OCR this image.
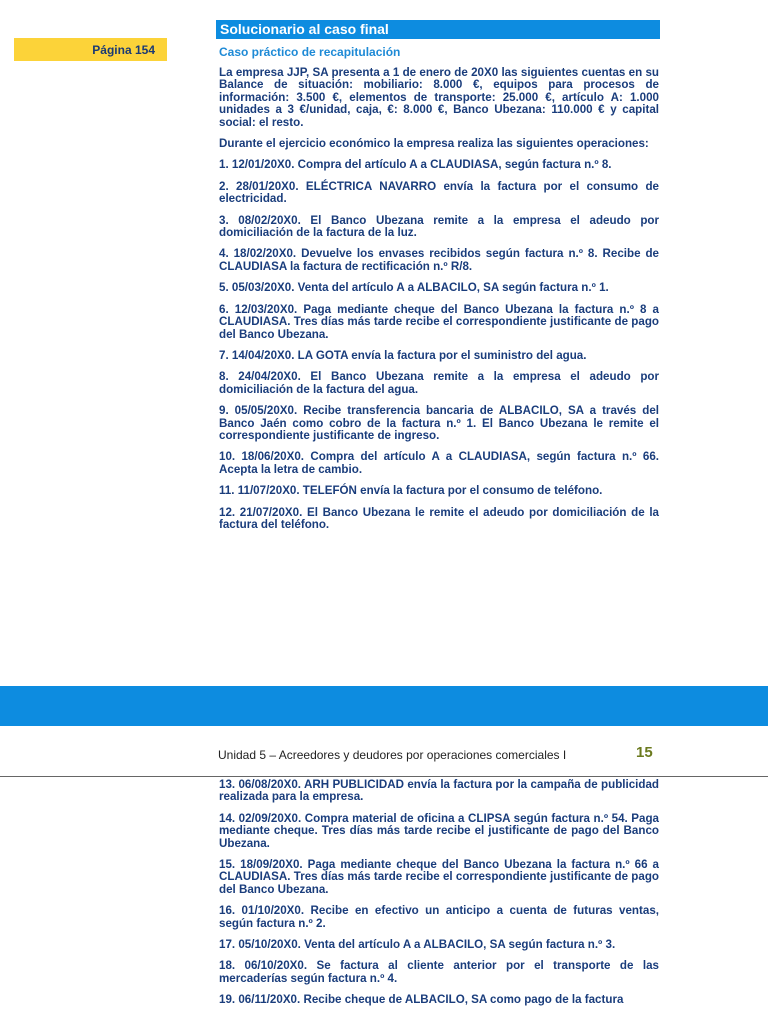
Página 154
Solucionario al caso final
Caso práctico de recapitulación

La empresa JJP, SA presenta a 1 de enero de 20X0 las siguientes cuentas en su Balance de situación: mobiliario: 8.000 €, equipos para procesos de información: 3.500 €, elementos de transporte: 25.000 €, artículo A: 1.000 unidades a 3 €/unidad, caja, €: 8.000 €, Banco Ubezana: 110.000 € y capital social: el resto.

Durante el ejercicio económico la empresa realiza las siguientes operaciones:

1. 12/01/20X0. Compra del artículo A a CLAUDIASA, según factura n.º 8.

2. 28/01/20X0. ELÉCTRICA NAVARRO envía la factura por el consumo de electricidad.

3. 08/02/20X0. El Banco Ubezana remite a la empresa el adeudo por domiciliación de la factura de la luz.

4. 18/02/20X0. Devuelve los envases recibidos según factura n.º 8. Recibe de CLAUDIASA la factura de rectificación n.º R/8.

5. 05/03/20X0. Venta del artículo A a ALBACILO, SA según factura n.º 1.

6. 12/03/20X0. Paga mediante cheque del Banco Ubezana la factura n.º 8 a CLAUDIASA. Tres días más tarde recibe el correspondiente justificante de pago del Banco Ubezana.

7. 14/04/20X0. LA GOTA envía la factura por el suministro del agua.

8. 24/04/20X0. El Banco Ubezana remite a la empresa el adeudo por domiciliación de la factura del agua.

9. 05/05/20X0. Recibe transferencia bancaria de ALBACILO, SA a través del Banco Jaén como cobro de la factura n.º 1. El Banco Ubezana le remite el correspondiente justificante de ingreso.

10. 18/06/20X0. Compra del artículo A a CLAUDIASA, según factura n.º 66. Acepta la letra de cambio.

11. 11/07/20X0. TELEFÓN envía la factura por el consumo de teléfono.

12. 21/07/20X0. El Banco Ubezana le remite el adeudo por domiciliación de la factura del teléfono.

Unidad 5 – Acreedores y deudores por operaciones comerciales I	15

13. 06/08/20X0. ARH PUBLICIDAD envía la factura por la campaña de publicidad realizada para la empresa.

14. 02/09/20X0. Compra material de oficina a CLIPSA según factura n.º 54. Paga mediante cheque. Tres días más tarde recibe el justificante de pago del Banco Ubezana.

15. 18/09/20X0. Paga mediante cheque del Banco Ubezana la factura n.º 66 a CLAUDIASA. Tres días más tarde recibe el correspondiente justificante de pago del Banco Ubezana.

16. 01/10/20X0. Recibe en efectivo un anticipo a cuenta de futuras ventas, según factura n.º 2.

17. 05/10/20X0. Venta del artículo A a ALBACILO, SA según factura n.º 3.

18. 06/10/20X0. Se factura al cliente anterior por el transporte de las mercaderías según factura n.º 4.

19. 06/11/20X0. Recibe cheque de ALBACILO, SA como pago de la factura
